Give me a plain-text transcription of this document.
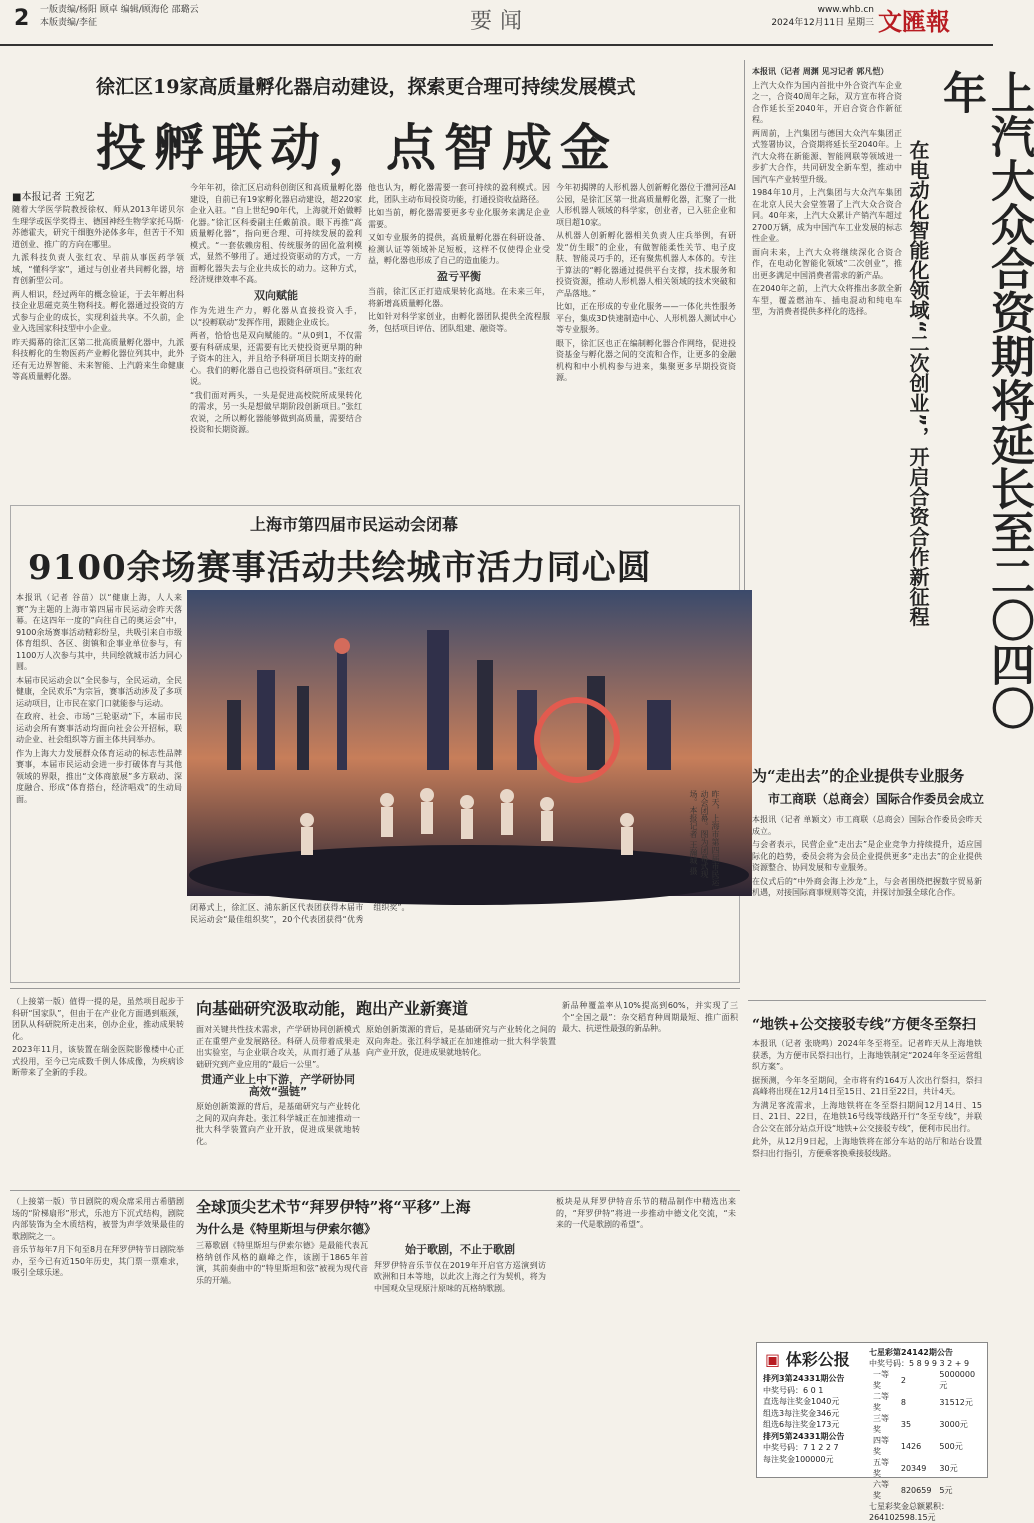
2 一版责编/杨阳 顾卓 编辑/顾海伦 邵璐云
本版责编/李征	要闻	www.whb.cn
2024年12月11日 星期三 文匯報
徐汇区19家高质量孵化器启动建设，探索更合理可持续发展模式
投孵联动，点智成金
■本报记者 王宛艺

随着大学医学院教授徐权、师从2013年诺贝尔生理学或医学奖得主、德国神经生物学家托马斯·苏德霍夫，研究干细胞外泌体多年，但苦于不知道创业、推广的方向在哪里。

九派科技负责人张红农、早前从事医药学领域，“懂科学家”，通过与创业者共同孵化器，培育创新型公司。

两人相识，经过两年的概念验证，于去年孵出科技企业思磁克英生物科技。孵化器通过投资的方式参与企业的成长，实现利益共享。不久前，企业入选国家科技型中小企业。

昨天揭幕的徐汇区第二批高质量孵化器中，九派科技孵化的生物医药产业孵化器位列其中，此外还有无边界智能、未来智能、上汽蔚来生命健康等高质量孵化器。

今年年初，徐汇区启动科创街区和高质量孵化器建设，自前已有19家孵化器启动建设，超220家企业入驻。“自上世纪90年代，上海就开始做孵化器。”徐汇区科委副主任戴前浪。眼下再推“高质量孵化器”，指向更合理、可持续发展的盈利模式。“一套依赖房租、传统服务的固化盈利模式，显然不够用了。通过投资驱动的方式，一方面孵化器失去与企业共成长的动力。这种方式，经济规律效率不高。

双向赋能

作为先进生产力，孵化器从直接投资入手，以“投孵联动”发挥作用，跟随企业成长。

两者，恰恰也是双向赋能的。“从0到1，不仅需要有科研成果，还需要有比天使投资更早期的种子资本的注入，并且给予科研项目长期支持的耐心。我们的孵化器自己也投资科研项目。”张红农说。

“我们面对两头，一头是促进高校院所成果转化的需求，另一头是想做早期阶段创新项目。”张红农说，之所以孵化器能够做到高质量，需要结合投资和长期资源。

他也认为，孵化器需要一套可持续的盈利模式。因此，团队主动布局投资功能，打通投资收益路径。

比如当前，孵化器需要更多专业化服务来满足企业需要。

又如专业服务的提供，高质量孵化器在科研设备、检测认证等领域补足短板，这样不仅使得企业受益，孵化器也形成了自己的造血能力。

盈亏平衡

当前，徐汇区正打造成果转化高地。在未来三年，将新增高质量孵化器。

比如针对科学家创业，由孵化器团队提供全流程服务，包括项目评估、团队组建、融资等。

今年初揭牌的人形机器人创新孵化器位于漕河泾AI公园，是徐汇区第一批高质量孵化器，汇聚了一批人形机器人领域的科学家，创业者，已入驻企业和项目超10家。

从机器人创新孵化器相关负责人庄兵举例，有研发“仿生眼”的企业，有做智能柔性关节、电子皮肤、智能灵巧手的，还有聚焦机器人本体的。专注于算法的“孵化器通过提供平台支撑，技术服务和投资资源，推动人形机器人相关领域的技术突破和产品落地。”

比如，正在形成的专业化服务——一体化共性服务平台，集成3D快速制造中心、人形机器人测试中心等专业服务。

眼下，徐汇区也正在编制孵化器合作网络，促进投资基金与孵化器之间的交流和合作，让更多的金融机构和中小机构参与进来，集聚更多早期投资资源。

本报讯（记者 周渊 见习记者 郭凡恺）

上汽大众作为国内首批中外合资汽车企业之一，合资40周年之际，双方宣布将合资合作延长至2040年，开启合资合作新征程。

两周前，上汽集团与德国大众汽车集团正式签署协议，合资期将延长至2040年。上汽大众将在新能源、智能网联等领域进一步扩大合作，共同研发全新车型，推动中国汽车产业转型升级。

1984年10月，上汽集团与大众汽车集团在北京人民大会堂签署了上汽大众合资合同。40年来，上汽大众累计产销汽车超过2700万辆，成为中国汽车工业发展的标志性企业。

面向未来，上汽大众将继续深化合资合作，在电动化智能化领域“二次创业”，推出更多满足中国消费者需求的新产品。

在2040年之前，上汽大众将推出多款全新车型，覆盖燃油车、插电混动和纯电车型，为消费者提供多样化的选择。	上汽大众合资期将延长至二〇四〇年
在电动化智能化领域“二次创业”，开启合资合作新征程
上海市第四届市民运动会闭幕
9100余场赛事活动共绘城市活力同心圆

本报讯（记者 谷苗）以“健康上海，人人来赛”为主题的上海市第四届市民运动会昨天落幕。在这四年一度的“向往自己的奥运会”中，9100余场赛事活动精彩纷呈，共吸引来自市级体育组织、各区、街镇和企事业单位参与，有1100万人次参与其中，共同绘就城市活力同心圆。

本届市民运动会以“全民参与，全民运动，全民健康，全民欢乐”为宗旨，赛事活动涉及了多项运动项目，让市民在家门口就能参与运动。

在政府、社会、市场“三轮驱动”下，本届市民运动会所有赛事活动均面向社会公开招标，联动企业、社会组织等方面主体共同举办。

作为上海大力发展群众体育运动的标志性品牌赛事，本届市民运动会进一步打破体育与其他领域的界限，推出“文体商旅展”多方联动、深度融合、形成“体育搭台，经济唱戏”的生动局面。	昨天，上海市第四届市民运动会闭幕。图为闭幕式现场。本报记者 王瀚城 摄

闭幕式上，徐汇区、浦东新区代表团获得本届市民运动会“最佳组织奖”，20个代表团获得“优秀组织奖”。

为“走出去”的企业提供专业服务
市工商联（总商会）国际合作委员会成立

本报讯（记者 单颖文）市工商联（总商会）国际合作委员会昨天成立。

与会者表示，民营企业“走出去”是企业竞争力持续提升，适应国际化的趋势，委员会将为会员企业提供更多“走出去”的企业提供资源整合、协同发展和专业服务。

在仪式后的“中外商会海上沙龙”上，与会者围绕把握数字贸易新机遇，对接国际商事规则等交流，并探讨加强全球化合作。

“地铁+公交接驳专线”方便冬至祭扫

本报讯（记者 张晓鸣）2024年冬至将至。记者昨天从上海地铁获悉，为方便市民祭扫出行，上海地铁制定“2024年冬至运营组织方案”。

据预测，今年冬至期间，全市将有约164万人次出行祭扫，祭扫高峰将出现在12月14日至15日、21日至22日，共计4天。

为满足客流需求，上海地铁将在冬至祭扫期间12月14日、15日、21日、22日，在地铁16号线等线路开行“冬至专线”，并联合公交在部分站点开设“地铁+公交接驳专线”，便利市民出行。

此外，从12月9日起，上海地铁将在部分车站的站厅和站台设置祭扫出行指引，方便乘客换乘接驳线路。

向基础研究汲取动能，跑出产业新赛道

（上接第一版）值得一提的是，虽然项目起步于科研“国家队”，但由于在产业化方面遇到瓶颈，团队从科研院所走出来，创办企业，推动成果转化。

2023年11月，该装置在瑞金医院影像楼中心正式投用，至今已完成数千例人体成像，为疾病诊断带来了全新的手段。

面对关键共性技术需求，产学研协同创新模式正在重塑产业发展路径。科研人员带着成果走出实验室，与企业联合攻关，从而打通了从基础研究到产业应用的“最后一公里”。

贯通产业上中下游，产学研协同高效“强链”

原始创新策源的背后，是基础研究与产业转化之间的双向奔赴。张江科学城正在加速推动一批大科学装置向产业开放，促进成果就地转化。

原始创新策源的背后，是基础研究与产业转化之间的双向奔赴。张江科学城正在加速推动一批大科学装置向产业开放，促进成果就地转化。

新品种覆盖率从10%提高到60%，并实现了三个“全国之最”：杂交稻育种周期最短、推广面积最大、抗逆性最强的新品种。

全球顶尖艺术节“拜罗伊特”将“平移”上海
为什么是《特里斯坦与伊索尔德》

（上接第一版）节日剧院的观众席采用古希腊剧场的“阶梯扇形”形式，乐池方下沉式结构，剧院内部装饰为全木质结构，被誉为声学效果最佳的歌剧院之一。

音乐节每年7月下旬至8月在拜罗伊特节日剧院举办，至今已有近150年历史，其门票一票难求，吸引全球乐迷。

三幕歌剧《特里斯坦与伊索尔德》是最能代表瓦格纳创作风格的巅峰之作，该剧于1865年首演，其前奏曲中的“特里斯坦和弦”被视为现代音乐的开端。

始于歌剧，不止于歌剧

拜罗伊特音乐节仅在2019年开启官方巡演到访欧洲和日本等地，以此次上海之行为契机，将为中国观众呈现原汁原味的瓦格纳歌剧。

板块是从拜罗伊特音乐节的精品制作中精选出来的，“拜罗伊特”将进一步推动中德文化交流，“未来的一代是歌剧的希望”。

▣ 体彩公报
排列3第24331期公告
中奖号码：6 0 1
直选每注奖金1040元
组选3每注奖金346元
组选6每注奖金173元
排列5第24331期公告
中奖号码：7 1 2 2 7
每注奖金100000元
七星彩第24142期公告
中奖号码：5 8 9 9 3 2 + 9
一等奖	2	5000000元
二等奖	8	31512元
三等奖	35	3000元
四等奖	1426	500元
五等奖	20349	30元
六等奖	820659	5元
七星彩奖金总额累积：264102598.15元
